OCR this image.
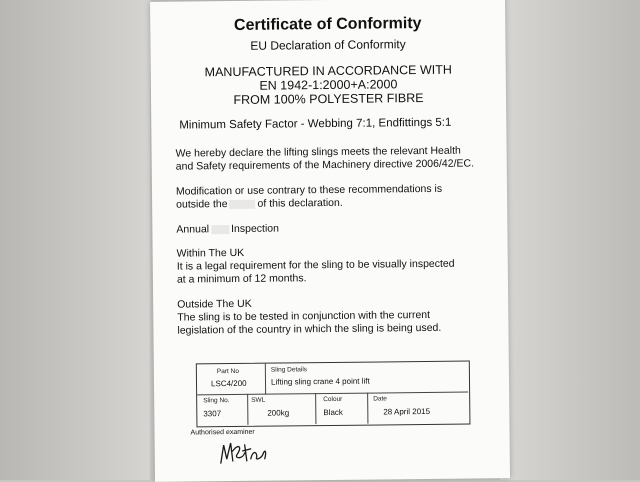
Certificate of Conformity
EU Declaration of Conformity
MANUFACTURED IN ACCORDANCE WITH
EN 1942-1:2000+A:2000
FROM 100% POLYESTER FIBRE
Minimum Safety Factor - Webbing 7:1, Endfittings 5:1
We hereby declare the lifting slings meets the relevant Health
and Safety requirements of the Machinery directive 2006/42/EC.
Modification or use contrary to these recommendations is
outside the	of this declaration.
Annual Inspection
Within The UK
It is a legal requirement for the sling to be visually inspected
at a minimum of 12 months.
Outside The UK
The sling is to be tested in conjunction with the current
legislation of the country in which the sling is being used.
Part No
LSC4/200
Sling Details
Lifting sling crane 4 point lift
Sling No.
3307
SWL
200kg
Colour
Black
Date
28 April 2015
Authorised examiner
